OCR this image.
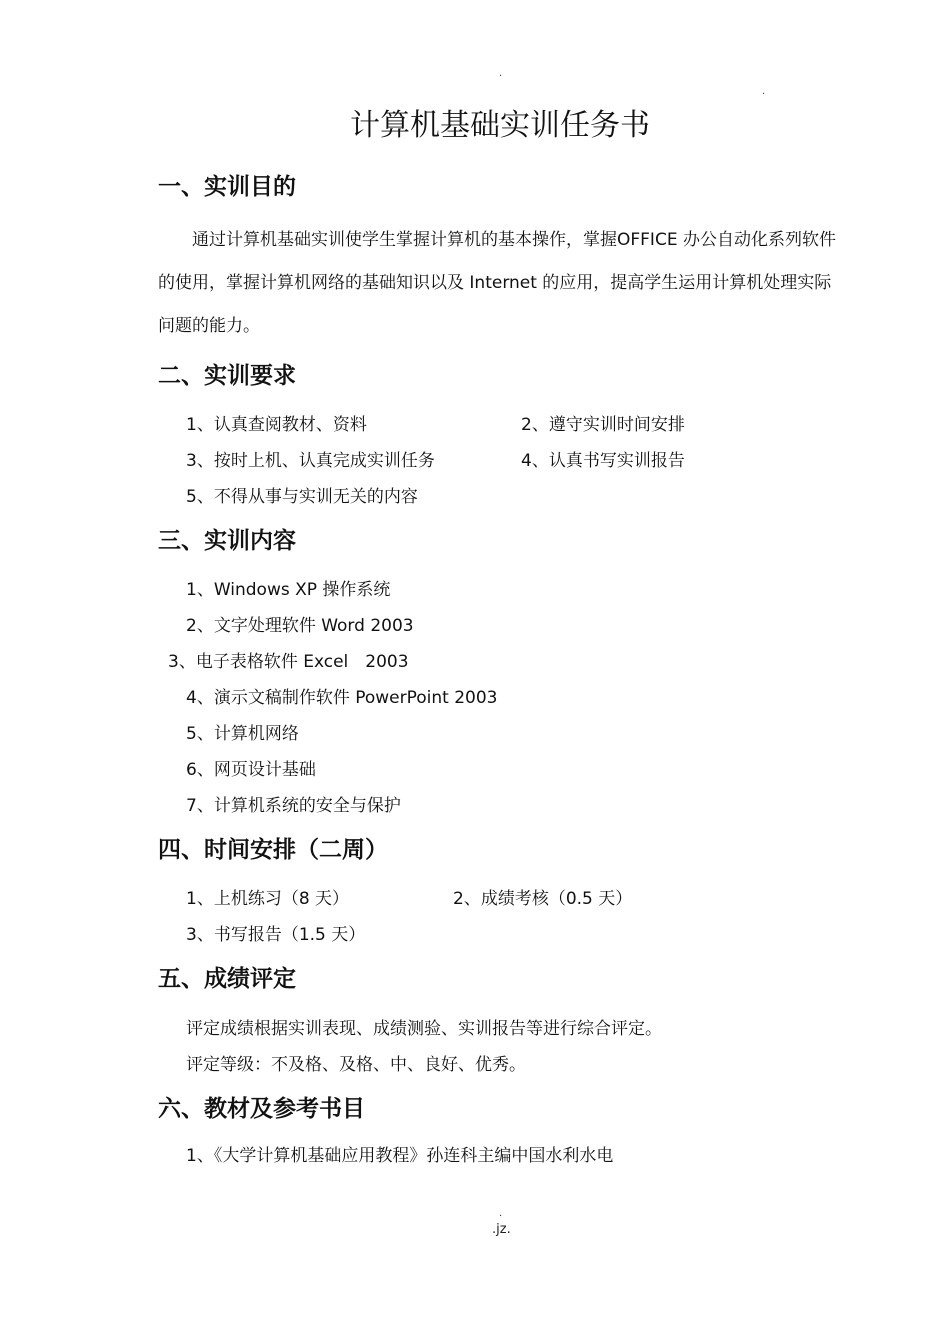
.
.
计算机基础实训任务书
一、实训目的
通过计算机基础实训使学生掌握计算机的基本操作，掌握OFFICE 办公自动化系列软件的使用，掌握计算机网络的基础知识以及 Internet 的应用，提高学生运用计算机处理实际问题的能力。
二、实训要求
1、认真查阅教材、资料	2、遵守实训时间安排
3、按时上机、认真完成实训任务	4、认真书写实训报告
5、不得从事与实训无关的内容
三、实训内容
1、Windows XP 操作系统
2、文字处理软件 Word 2003
3、电子表格软件 Excel　2003
4、演示文稿制作软件 PowerPoint 2003
5、计算机网络
6、网页设计基础
7、计算机系统的安全与保护
四、时间安排（二周）
1、上机练习（8 天）	2、成绩考核（0.5 天）
3、书写报告（1.5 天）
五、成绩评定
评定成绩根据实训表现、成绩测验、实训报告等进行综合评定。
评定等级：不及格、及格、中、良好、优秀。
六、教材及参考书目
1、《大学计算机基础应用教程》孙连科主编中国水利水电
.
.jz.
